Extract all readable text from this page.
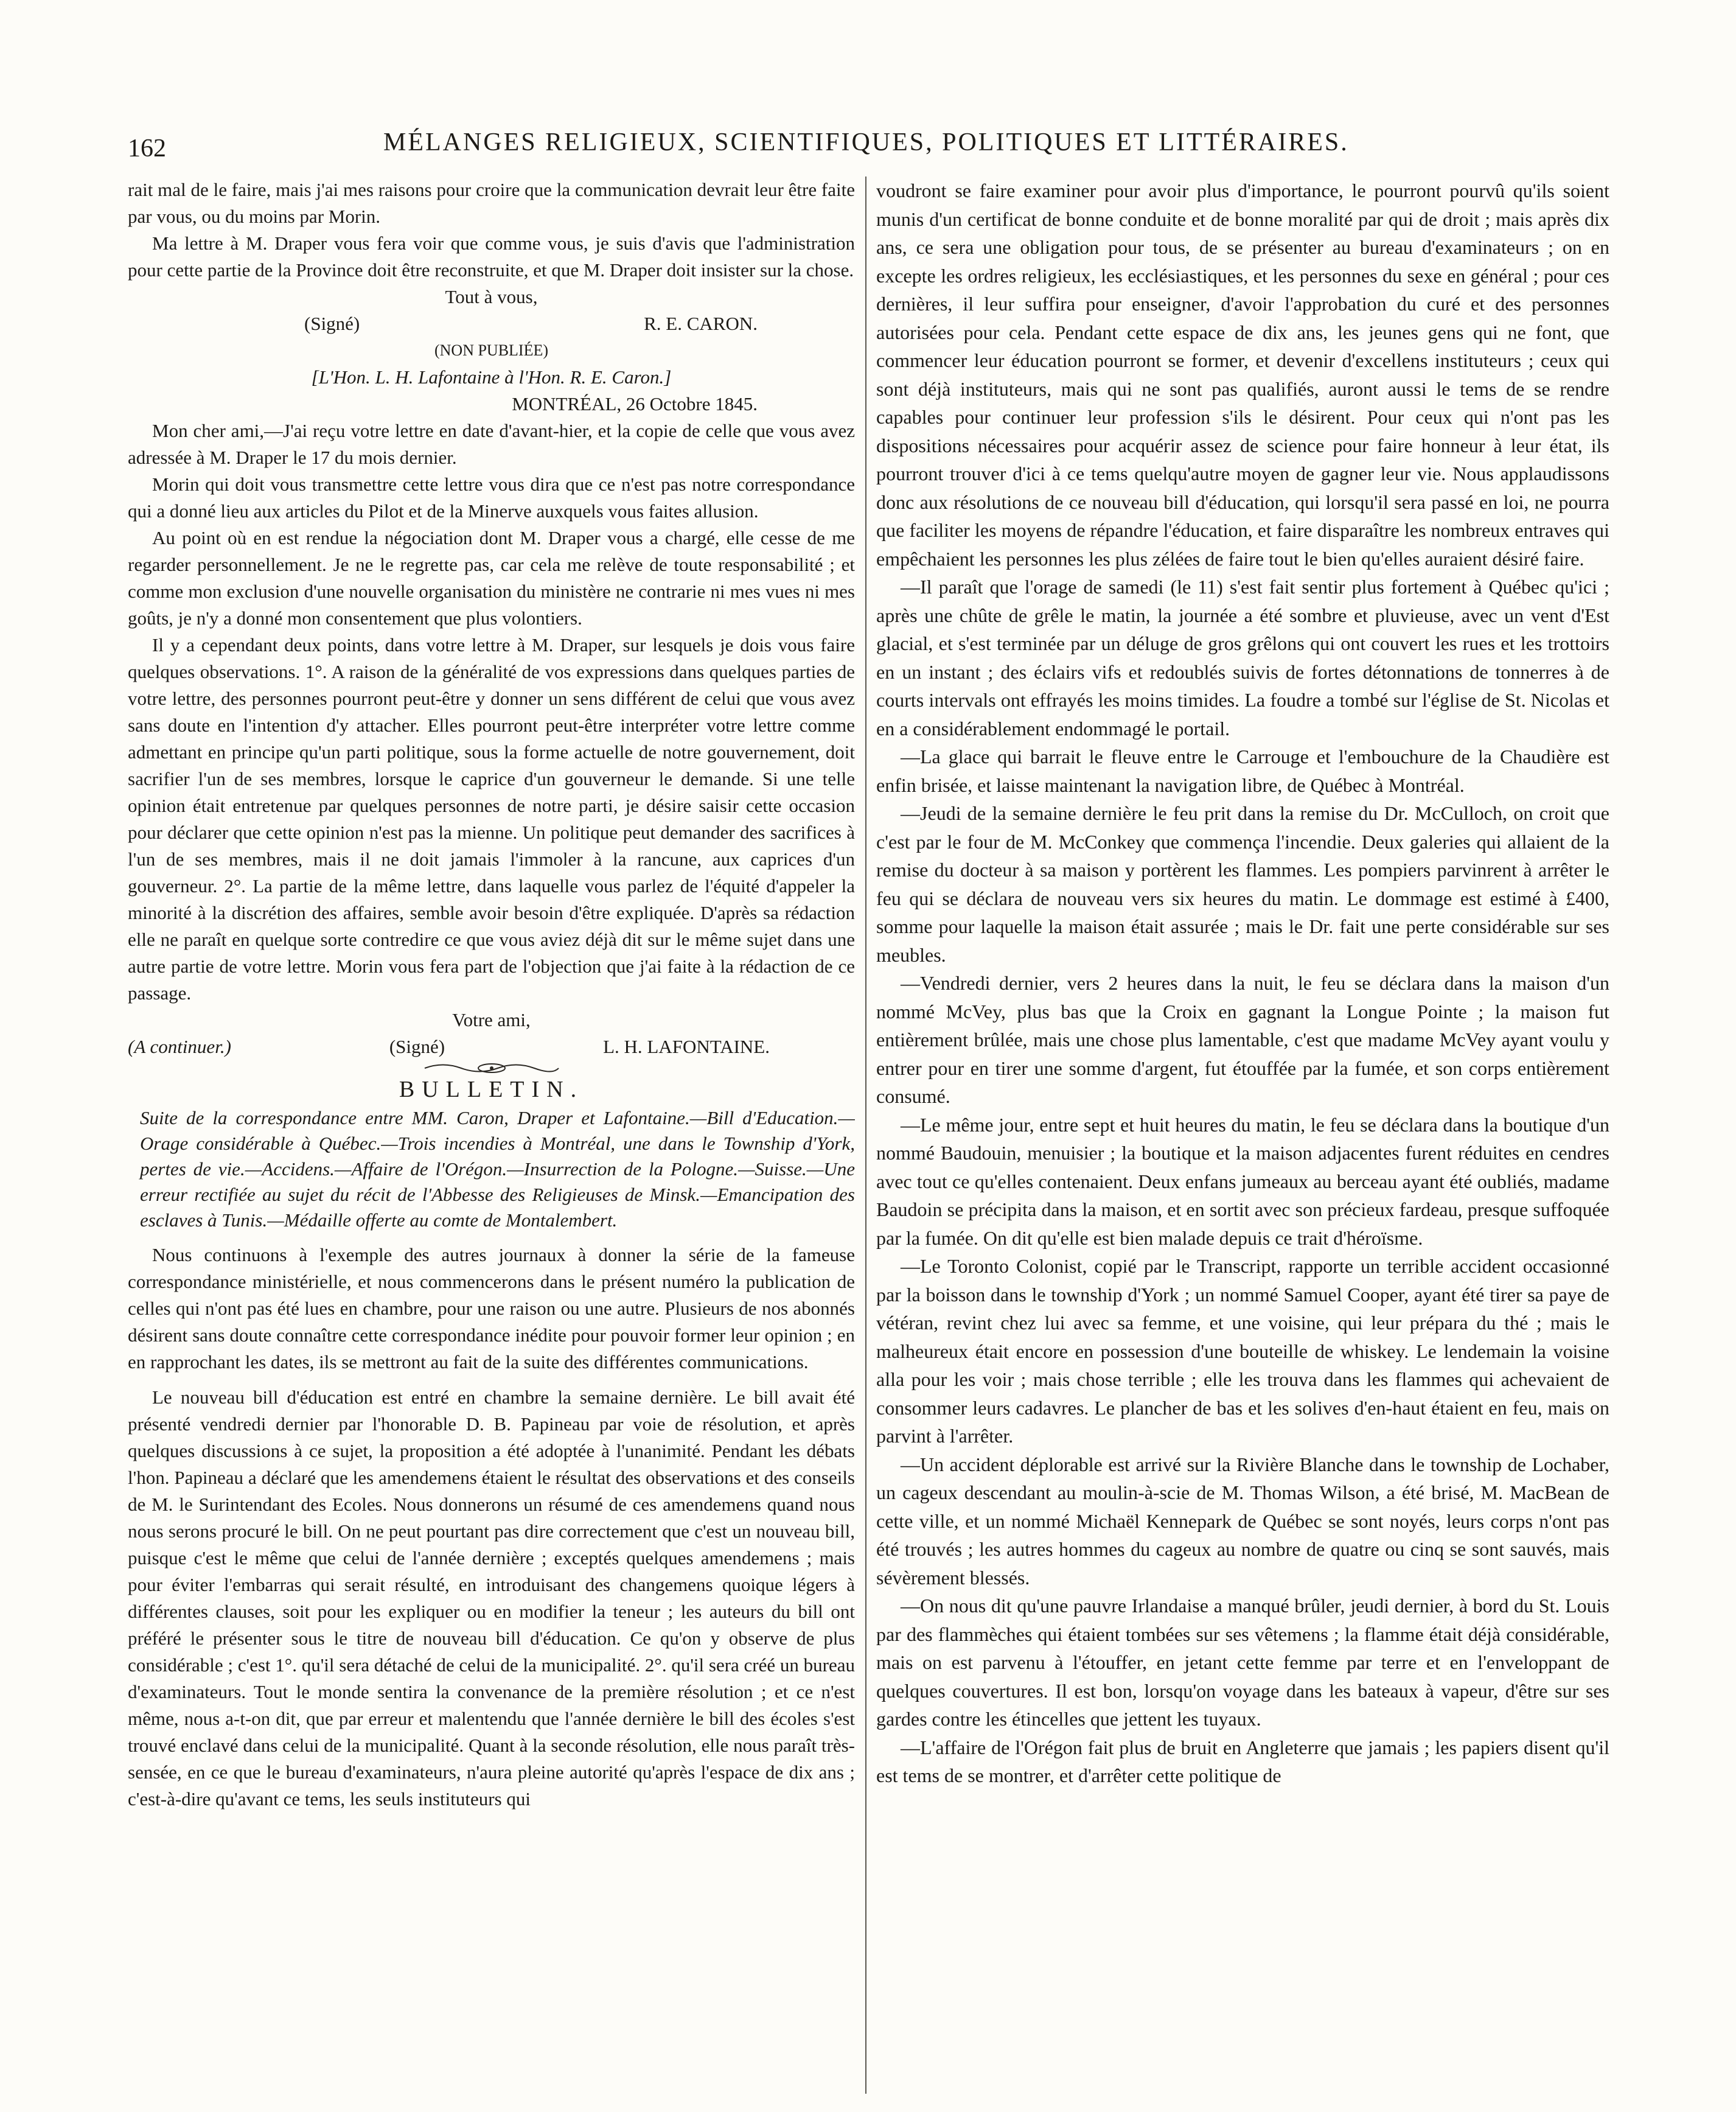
162	MÉLANGES RELIGIEUX, SCIENTIFIQUES, POLITIQUES ET LITTÉRAIRES.

rait mal de le faire, mais j'ai mes raisons pour croire que la communication devrait leur être faite par vous, ou du moins par Morin.

Ma lettre à M. Draper vous fera voir que comme vous, je suis d'avis que l'administration pour cette partie de la Province doit être reconstruite, et que M. Draper doit insister sur la chose.

Tout à vous,

(Signé)	R. E. CARON.

(NON PUBLIÉE)

[L'Hon. L. H. Lafontaine à l'Hon. R. E. Caron.]

MONTRÉAL, 26 Octobre 1845.

Mon cher ami,—J'ai reçu votre lettre en date d'avant-hier, et la copie de celle que vous avez adressée à M. Draper le 17 du mois dernier.

Morin qui doit vous transmettre cette lettre vous dira que ce n'est pas notre correspondance qui a donné lieu aux articles du Pilot et de la Minerve auxquels vous faites allusion.

Au point où en est rendue la négociation dont M. Draper vous a chargé, elle cesse de me regarder personnellement. Je ne le regrette pas, car cela me relève de toute responsabilité ; et comme mon exclusion d'une nouvelle organisation du ministère ne contrarie ni mes vues ni mes goûts, je n'y a donné mon consentement que plus volontiers.

Il y a cependant deux points, dans votre lettre à M. Draper, sur lesquels je dois vous faire quelques observations. 1°. A raison de la généralité de vos expressions dans quelques parties de votre lettre, des personnes pourront peut-être y donner un sens différent de celui que vous avez sans doute en l'intention d'y attacher. Elles pourront peut-être interpréter votre lettre comme admettant en principe qu'un parti politique, sous la forme actuelle de notre gouvernement, doit sacrifier l'un de ses membres, lorsque le caprice d'un gouverneur le demande. Si une telle opinion était entretenue par quelques personnes de notre parti, je désire saisir cette occasion pour déclarer que cette opinion n'est pas la mienne. Un politique peut demander des sacrifices à l'un de ses membres, mais il ne doit jamais l'immoler à la rancune, aux caprices d'un gouverneur. 2°. La partie de la même lettre, dans laquelle vous parlez de l'équité d'appeler la minorité à la discrétion des affaires, semble avoir besoin d'être expliquée. D'après sa rédaction elle ne paraît en quelque sorte contredire ce que vous aviez déjà dit sur le même sujet dans une autre partie de votre lettre. Morin vous fera part de l'objection que j'ai faite à la rédaction de ce passage.

Votre ami,

(A continuer.)	(Signé)	L. H. LAFONTAINE.

BULLETIN.

Suite de la correspondance entre MM. Caron, Draper et Lafontaine.—Bill d'Education.—Orage considérable à Québec.—Trois incendies à Montréal, une dans le Township d'York, pertes de vie.—Accidens.—Affaire de l'Orégon.—Insurrection de la Pologne.—Suisse.—Une erreur rectifiée au sujet du récit de l'Abbesse des Religieuses de Minsk.—Emancipation des esclaves à Tunis.—Médaille offerte au comte de Montalembert.

Nous continuons à l'exemple des autres journaux à donner la série de la fameuse correspondance ministérielle, et nous commencerons dans le présent numéro la publication de celles qui n'ont pas été lues en chambre, pour une raison ou une autre. Plusieurs de nos abonnés désirent sans doute connaître cette correspondance inédite pour pouvoir former leur opinion ; en en rapprochant les dates, ils se mettront au fait de la suite des différentes communications.

Le nouveau bill d'éducation est entré en chambre la semaine dernière. Le bill avait été présenté vendredi dernier par l'honorable D. B. Papineau par voie de résolution, et après quelques discussions à ce sujet, la proposition a été adoptée à l'unanimité. Pendant les débats l'hon. Papineau a déclaré que les amendemens étaient le résultat des observations et des conseils de M. le Surintendant des Ecoles. Nous donnerons un résumé de ces amendemens quand nous nous serons procuré le bill. On ne peut pourtant pas dire correctement que c'est un nouveau bill, puisque c'est le même que celui de l'année dernière ; exceptés quelques amendemens ; mais pour éviter l'embarras qui serait résulté, en introduisant des changemens quoique légers à différentes clauses, soit pour les expliquer ou en modifier la teneur ; les auteurs du bill ont préféré le présenter sous le titre de nouveau bill d'éducation. Ce qu'on y observe de plus considérable ; c'est 1°. qu'il sera détaché de celui de la municipalité. 2°. qu'il sera créé un bureau d'examinateurs. Tout le monde sentira la convenance de la première résolution ; et ce n'est même, nous a-t-on dit, que par erreur et malentendu que l'année dernière le bill des écoles s'est trouvé enclavé dans celui de la municipalité. Quant à la seconde résolution, elle nous paraît très-sensée, en ce que le bureau d'examinateurs, n'aura pleine autorité qu'après l'espace de dix ans ; c'est-à-dire qu'avant ce tems, les seuls instituteurs qui

voudront se faire examiner pour avoir plus d'importance, le pourront pourvû qu'ils soient munis d'un certificat de bonne conduite et de bonne moralité par qui de droit ; mais après dix ans, ce sera une obligation pour tous, de se présenter au bureau d'examinateurs ; on en excepte les ordres religieux, les ecclésiastiques, et les personnes du sexe en général ; pour ces dernières, il leur suffira pour enseigner, d'avoir l'approbation du curé et des personnes autorisées pour cela. Pendant cette espace de dix ans, les jeunes gens qui ne font, que commencer leur éducation pourront se former, et devenir d'excellens instituteurs ; ceux qui sont déjà instituteurs, mais qui ne sont pas qualifiés, auront aussi le tems de se rendre capables pour continuer leur profession s'ils le désirent. Pour ceux qui n'ont pas les dispositions nécessaires pour acquérir assez de science pour faire honneur à leur état, ils pourront trouver d'ici à ce tems quelqu'autre moyen de gagner leur vie. Nous applaudissons donc aux résolutions de ce nouveau bill d'éducation, qui lorsqu'il sera passé en loi, ne pourra que faciliter les moyens de répandre l'éducation, et faire disparaître les nombreux entraves qui empêchaient les personnes les plus zélées de faire tout le bien qu'elles auraient désiré faire.

—Il paraît que l'orage de samedi (le 11) s'est fait sentir plus fortement à Québec qu'ici ; après une chûte de grêle le matin, la journée a été sombre et pluvieuse, avec un vent d'Est glacial, et s'est terminée par un déluge de gros grêlons qui ont couvert les rues et les trottoirs en un instant ; des éclairs vifs et redoublés suivis de fortes détonnations de tonnerres à de courts intervals ont effrayés les moins timides. La foudre a tombé sur l'église de St. Nicolas et en a considérablement endommagé le portail.

—La glace qui barrait le fleuve entre le Carrouge et l'embouchure de la Chaudière est enfin brisée, et laisse maintenant la navigation libre, de Québec à Montréal.

—Jeudi de la semaine dernière le feu prit dans la remise du Dr. McCulloch, on croit que c'est par le four de M. McConkey que commença l'incendie. Deux galeries qui allaient de la remise du docteur à sa maison y portèrent les flammes. Les pompiers parvinrent à arrêter le feu qui se déclara de nouveau vers six heures du matin. Le dommage est estimé à £400, somme pour laquelle la maison était assurée ; mais le Dr. fait une perte considérable sur ses meubles.

—Vendredi dernier, vers 2 heures dans la nuit, le feu se déclara dans la maison d'un nommé McVey, plus bas que la Croix en gagnant la Longue Pointe ; la maison fut entièrement brûlée, mais une chose plus lamentable, c'est que madame McVey ayant voulu y entrer pour en tirer une somme d'argent, fut étouffée par la fumée, et son corps entièrement consumé.

—Le même jour, entre sept et huit heures du matin, le feu se déclara dans la boutique d'un nommé Baudouin, menuisier ; la boutique et la maison adjacentes furent réduites en cendres avec tout ce qu'elles contenaient. Deux enfans jumeaux au berceau ayant été oubliés, madame Baudoin se précipita dans la maison, et en sortit avec son précieux fardeau, presque suffoquée par la fumée. On dit qu'elle est bien malade depuis ce trait d'héroïsme.

—Le Toronto Colonist, copié par le Transcript, rapporte un terrible accident occasionné par la boisson dans le township d'York ; un nommé Samuel Cooper, ayant été tirer sa paye de vétéran, revint chez lui avec sa femme, et une voisine, qui leur prépara du thé ; mais le malheureux était encore en possession d'une bouteille de whiskey. Le lendemain la voisine alla pour les voir ; mais chose terrible ; elle les trouva dans les flammes qui achevaient de consommer leurs cadavres. Le plancher de bas et les solives d'en-haut étaient en feu, mais on parvint à l'arrêter.

—Un accident déplorable est arrivé sur la Rivière Blanche dans le township de Lochaber, un cageux descendant au moulin-à-scie de M. Thomas Wilson, a été brisé, M. MacBean de cette ville, et un nommé Michaël Kennepark de Québec se sont noyés, leurs corps n'ont pas été trouvés ; les autres hommes du cageux au nombre de quatre ou cinq se sont sauvés, mais sévèrement blessés.

—On nous dit qu'une pauvre Irlandaise a manqué brûler, jeudi dernier, à bord du St. Louis par des flammèches qui étaient tombées sur ses vêtemens ; la flamme était déjà considérable, mais on est parvenu à l'étouffer, en jetant cette femme par terre et en l'enveloppant de quelques couvertures. Il est bon, lorsqu'on voyage dans les bateaux à vapeur, d'être sur ses gardes contre les étincelles que jettent les tuyaux.

—L'affaire de l'Orégon fait plus de bruit en Angleterre que jamais ; les papiers disent qu'il est tems de se montrer, et d'arrêter cette politique de
